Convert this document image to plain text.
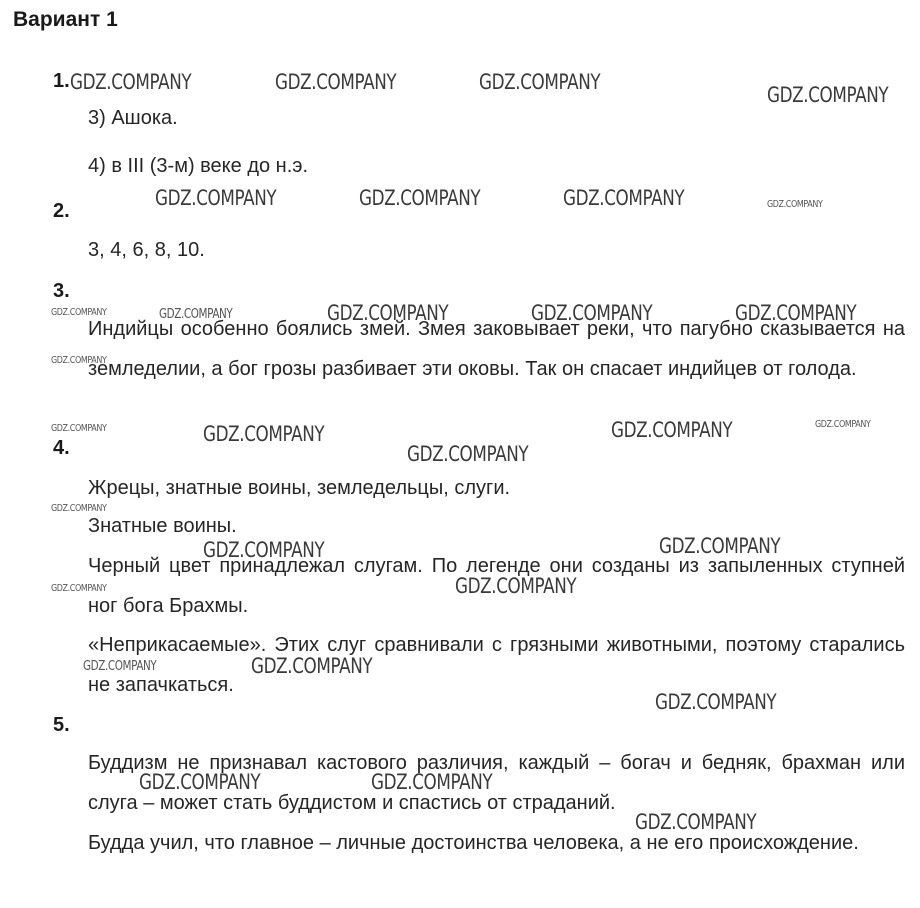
Вариант 1
1.
3) Ашока.
4) в III (3-м) веке до н.э.
2.
3, 4, 6, 8, 10.
3.
Индийцы особенно боялись змей. Змея заковывает реки, что пагубно сказывается на земледелии, а бог грозы разбивает эти оковы. Так он спасает индийцев от голода.
4.
Жрецы, знатные воины, земледельцы, слуги.
Знатные воины.
Черный цвет принадлежал слугам. По легенде они созданы из запыленных ступней ног бога Брахмы.
«Неприкасаемые». Этих слуг сравнивали с грязными животными, поэтому старались не запачкаться.
5.
Буддизм не признавал кастового различия, каждый – богач и бедняк, брахман или слуга – может стать буддистом и спастись от страданий.
Будда учил, что главное – личные достоинства человека, а не его происхождение.
GDZ.COMPANY	GDZ.COMPANY	GDZ.COMPANY
GDZ.COMPANY
GDZ.COMPANY	GDZ.COMPANY	GDZ.COMPANY	GDZ.COMPANY
GDZ.COMPANY	GDZ.COMPANY	GDZ.COMPANY	GDZ.COMPANY	GDZ.COMPANY
GDZ.COMPANY
GDZ.COMPANY	GDZ.COMPANY	GDZ.COMPANY	GDZ.COMPANY
GDZ.COMPANY
GDZ.COMPANY
GDZ.COMPANY	GDZ.COMPANY
GDZ.COMPANY
GDZ.COMPANY
GDZ.COMPANY	GDZ.COMPANY
GDZ.COMPANY
GDZ.COMPANY	GDZ.COMPANY
GDZ.COMPANY
